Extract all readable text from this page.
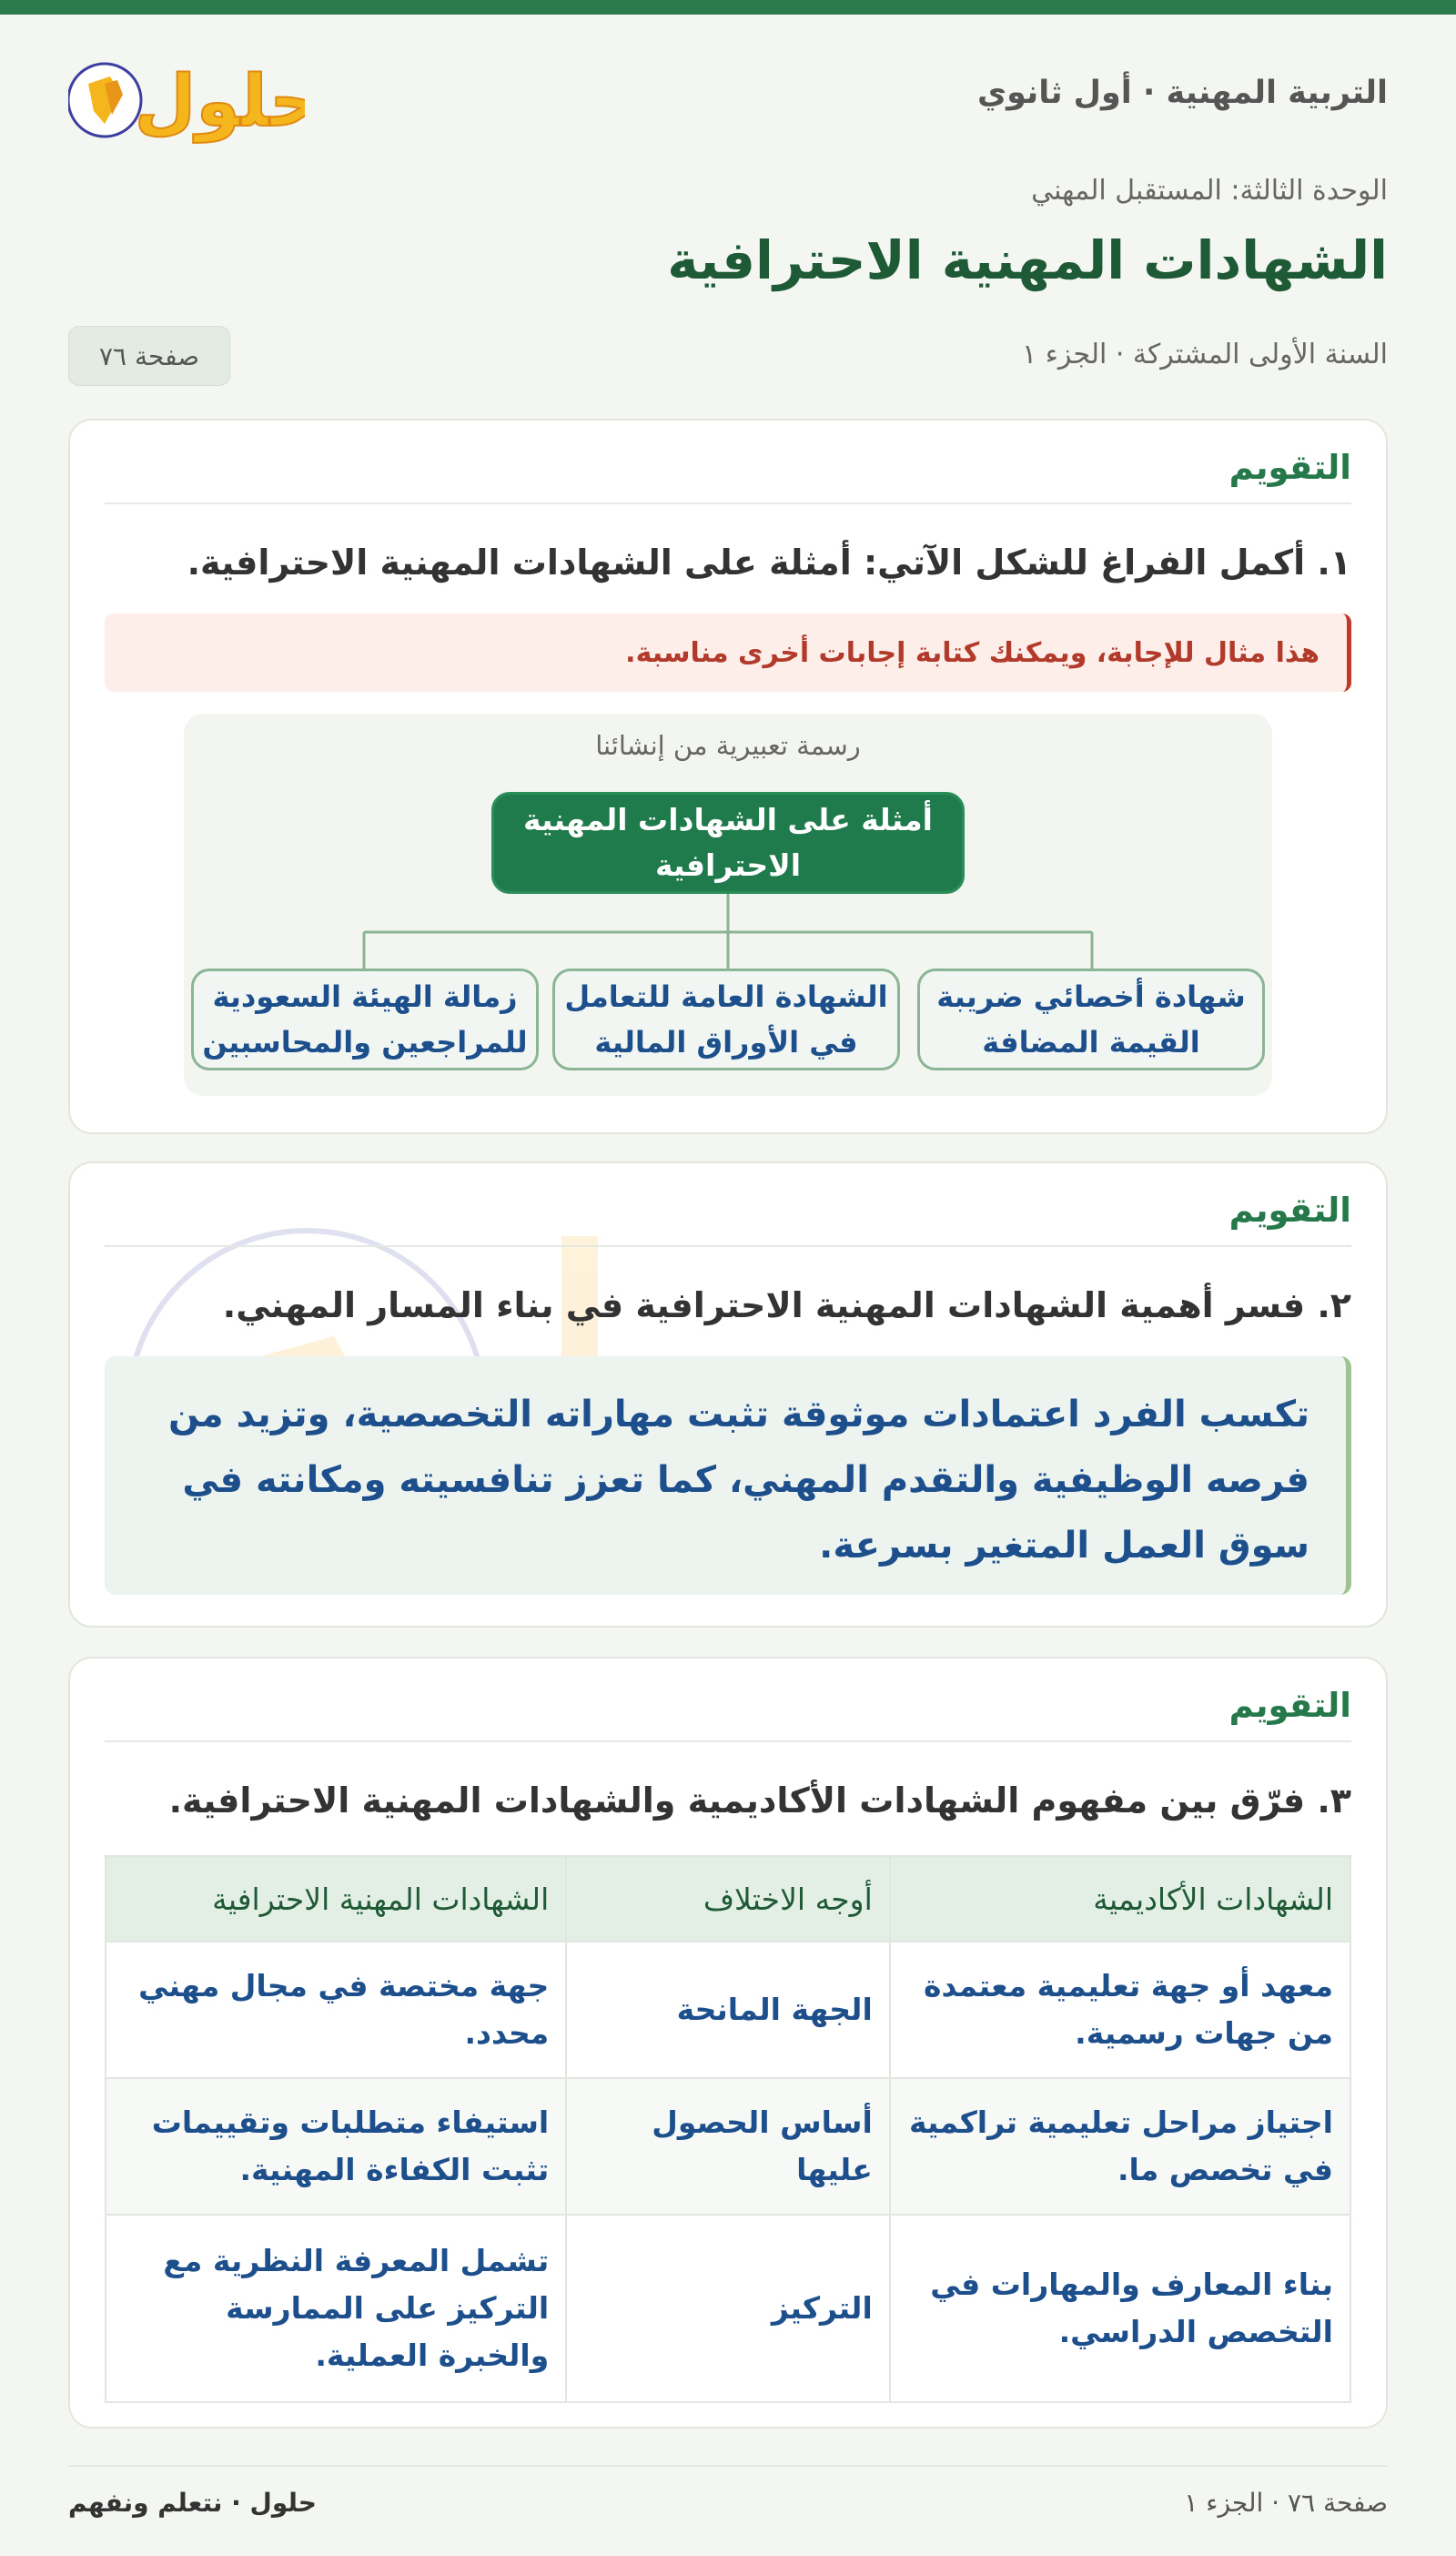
التربية المهنية · أول ثانوي
حلول
الوحدة الثالثة: المستقبل المهني
الشهادات المهنية الاحترافية
السنة الأولى المشتركة · الجزء ١
صفحة ٧٦
التقويم
١. أكمل الفراغ للشكل الآتي: أمثلة على الشهادات المهنية الاحترافية.
هذا مثال للإجابة، ويمكنك كتابة إجابات أخرى مناسبة.
رسمة تعبيرية من إنشائنا
أمثلة على الشهادات المهنية الاحترافية
شهادة أخصائي ضريبة القيمة المضافة
الشهادة العامة للتعامل في الأوراق المالية
زمالة الهيئة السعودية للمراجعين والمحاسبين
التقويم
٢. فسر أهمية الشهادات المهنية الاحترافية في بناء المسار المهني.
تكسب الفرد اعتمادات موثوقة تثبت مهاراته التخصصية، وتزيد من فرصه الوظيفية والتقدم المهني، كما تعزز تنافسيته ومكانته في سوق العمل المتغير بسرعة.
التقويم
٣. فرّق بين مفهوم الشهادات الأكاديمية والشهادات المهنية الاحترافية.
الشهادات الأكاديمية	أوجه الاختلاف	الشهادات المهنية الاحترافية
معهد أو جهة تعليمية معتمدة من جهات رسمية.	الجهة المانحة	جهة مختصة في مجال مهني محدد.
اجتياز مراحل تعليمية تراكمية في تخصص ما.	أساس الحصول عليها	استيفاء متطلبات وتقييمات تثبت الكفاءة المهنية.
بناء المعارف والمهارات في التخصص الدراسي.	التركيز	تشمل المعرفة النظرية مع التركيز على الممارسة والخبرة العملية.
صفحة ٧٦ · الجزء ١
حلول · نتعلم ونفهم
